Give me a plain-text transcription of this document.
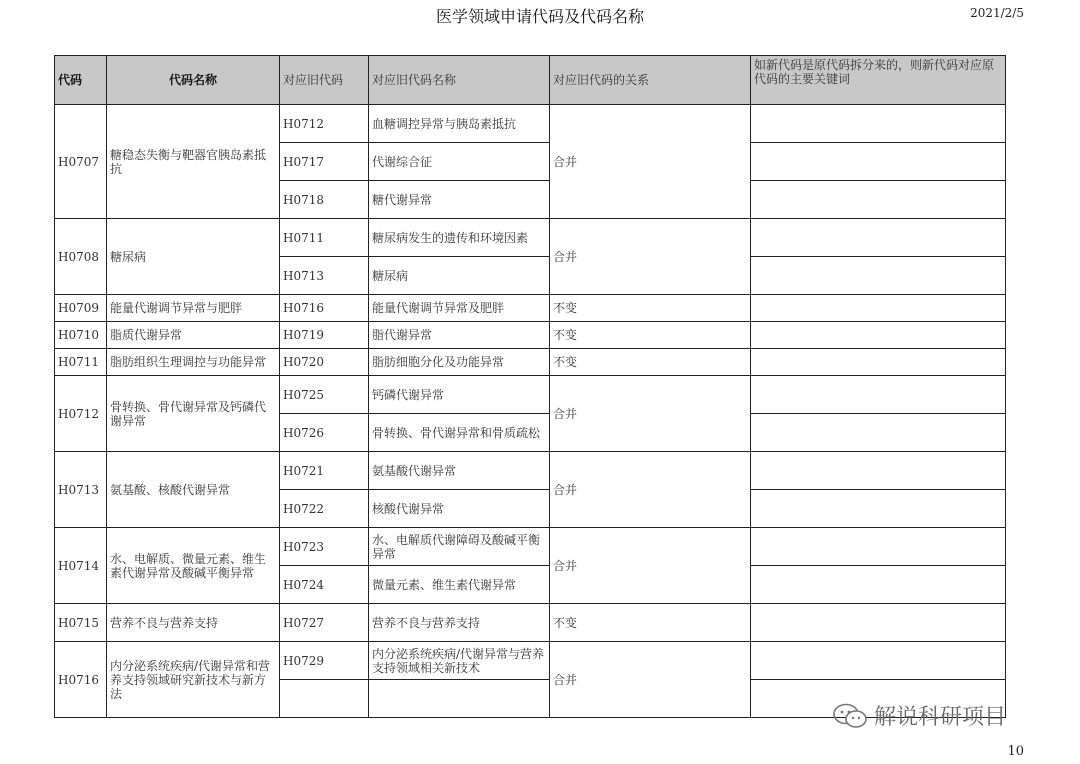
医学领域申请代码及代码名称	2021/2/5
代码	代码名称	对应旧代码	对应旧代码名称	对应旧代码的关系	如新代码是原代码拆分来的，则新代码对应原代码的主要关键词
H0707	糖稳态失衡与靶器官胰岛素抵抗	H0712	血糖调控异常与胰岛素抵抗	合并	
		H0717	代谢综合征		
		H0718	糖代谢异常		
H0708	糖尿病	H0711	糖尿病发生的遗传和环境因素	合并	
		H0713	糖尿病		
H0709	能量代谢调节异常与肥胖	H0716	能量代谢调节异常及肥胖	不变	
H0710	脂质代谢异常	H0719	脂代谢异常	不变	
H0711	脂肪组织生理调控与功能异常	H0720	脂肪细胞分化及功能异常	不变	
H0712	骨转换、骨代谢异常及钙磷代谢异常	H0725	钙磷代谢异常	合并	
		H0726	骨转换、骨代谢异常和骨质疏松		
H0713	氨基酸、核酸代谢异常	H0721	氨基酸代谢异常	合并	
		H0722	核酸代谢异常		
H0714	水、电解质、微量元素、维生素代谢异常及酸碱平衡异常	H0723	水、电解质代谢障碍及酸碱平衡异常	合并	
		H0724	微量元素、维生素代谢异常		
H0715	营养不良与营养支持	H0727	营养不良与营养支持	不变	
H0716	内分泌系统疾病/代谢异常和营养支持领域研究新技术与新方法	H0729	内分泌系统疾病/代谢异常与营养支持领域相关新技术	合并	

解说科研项目
10
